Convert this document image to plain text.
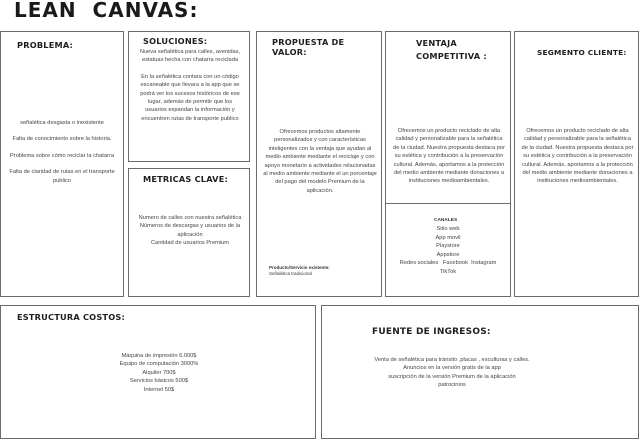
LEAN  CANVAS:
PROBLEMA:

señalética desgasta o inexistente

Falta de conocimiento sobre la historia.

Problema sobre cómo reciclar la chatarra

Falta de claridad de rutas en el transporte publico

SOLUCIONES:

Nueva señalética para calles, avenidas, estatuas hecha con chatarra reciclada

En la señalética contara con un código escaneable que llevara a la app que se podrá ver los sucesos históricos de ese lugar, además de permitir que los usuarios expandan la información y encuentren rutas de transporte publico

METRICAS CLAVE:

Numero de calles con nuestra señalética

Números de descargas y usuarios de la aplicación

Cantidad de usuarios Premium

PROPUESTA DE VALOR:
Ofrecemos productos altamente personalizados y con características inteligentes con la ventaja que ayudan al medio ambiente mediante el reciclaje y con apoyo monetario a actividades relacionadas al medio ambiente mediante el un porcentaje del pago del modelo Premium de la aplicación.
Producto/Servicio existente:
Señalética tradicional
VENTAJA
COMPETITIVA :
Ofrecemos un producto reciclado de alta calidad y personalizable para la señalética de la ciudad. Nuestra propuesta destaca por su estética y contribución a la preservación cultural. Además, aportamos a la protección del medio ambiente mediante donaciones a instituciones medioambientales.
CANALES

Sitio web

App movil

Playstore

Appstore

Redes sociales   Facebook  Instagram

TikTok

SEGMENTO CLIENTE:
Ofrecemos un producto reciclado de alta calidad y personalizable para la señalética de la ciudad. Nuestra propuesta destaca por su estética y contribución a la preservación cultural. Además, aportamos a la protección del medio ambiente mediante donaciones a instituciones medioambientales.
ESTRUCTURA COSTOS:

Máquina de impresión 6.000$

Equipo de computación 3000%

Alquiler 700$

Servicios básicos 500$

Internet 50$

FUENTE DE INGRESOS:

Venta de señalética para tránsito ,placas , esculturas y calles.

Anuncios en la versión gratis de la app

suscripción de la versión Premium de la aplicación

patrocinios
